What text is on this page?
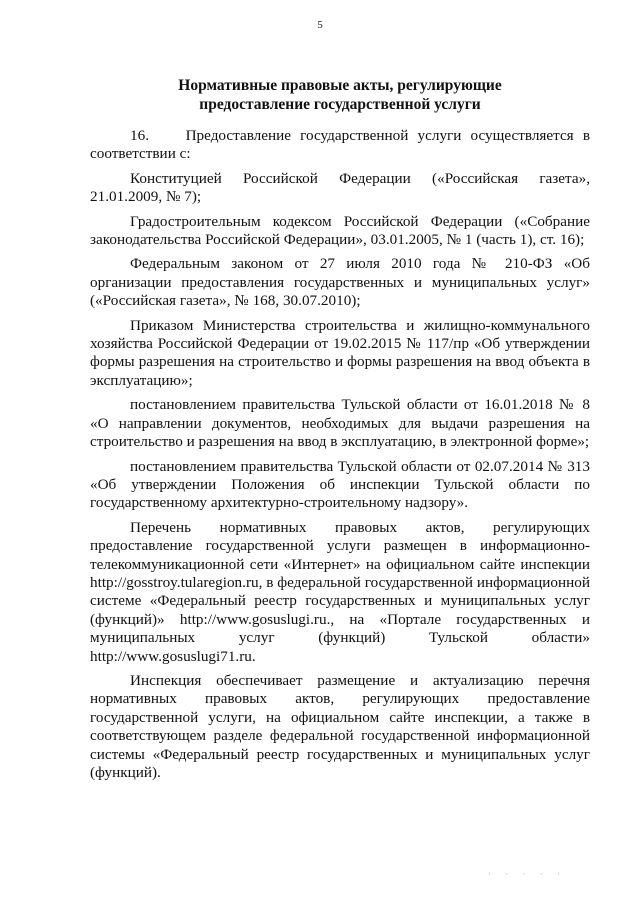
5
Нормативные правовые акты, регулирующие
предоставление государственной услуги

16.    Предоставление государственной услуги осуществляется в соответствии с:

Конституцией Российской Федерации («Российская газета», 21.01.2009, № 7);

Градостроительным кодексом Российской Федерации («Собрание законодательства Российской Федерации», 03.01.2005, № 1 (часть 1), ст. 16);

Федеральным законом от 27 июля 2010 года № 210-ФЗ «Об организации предоставления государственных и муниципальных услуг» («Российская газета», № 168, 30.07.2010);

Приказом Министерства строительства и жилищно-коммунального хозяйства Российской Федерации от 19.02.2015 № 117/пр «Об утверждении формы разрешения на строительство и формы разрешения на ввод объекта в эксплуатацию»;

постановлением правительства Тульской области от 16.01.2018 № 8 «О направлении документов, необходимых для выдачи разрешения на строительство и разрешения на ввод в эксплуатацию, в электронной форме»;

постановлением правительства Тульской области от 02.07.2014 № 313 «Об утверждении Положения об инспекции Тульской области по государственному архитектурно-строительному надзору».

Перечень нормативных правовых актов, регулирующих предоставление государственной услуги размещен в информационно-телекоммуникационной сети «Интернет» на официальном сайте инспекции http://gosstroy.tularegion.ru, в федеральной государственной информационной системе «Федеральный реестр государственных и муниципальных услуг (функций)» http://www.gosuslugi.ru., на «Портале государственных и муниципальных услуг (функций) Тульской области» http://www.gosuslugi71.ru.

Инспекция обеспечивает размещение и актуализацию перечня нормативных правовых актов, регулирующих предоставление государственной услуги, на официальном сайте инспекции, а также в соответствующем разделе федеральной государственной информационной системы «Федеральный реестр государственных и муниципальных услуг (функций).

· · · · ·
